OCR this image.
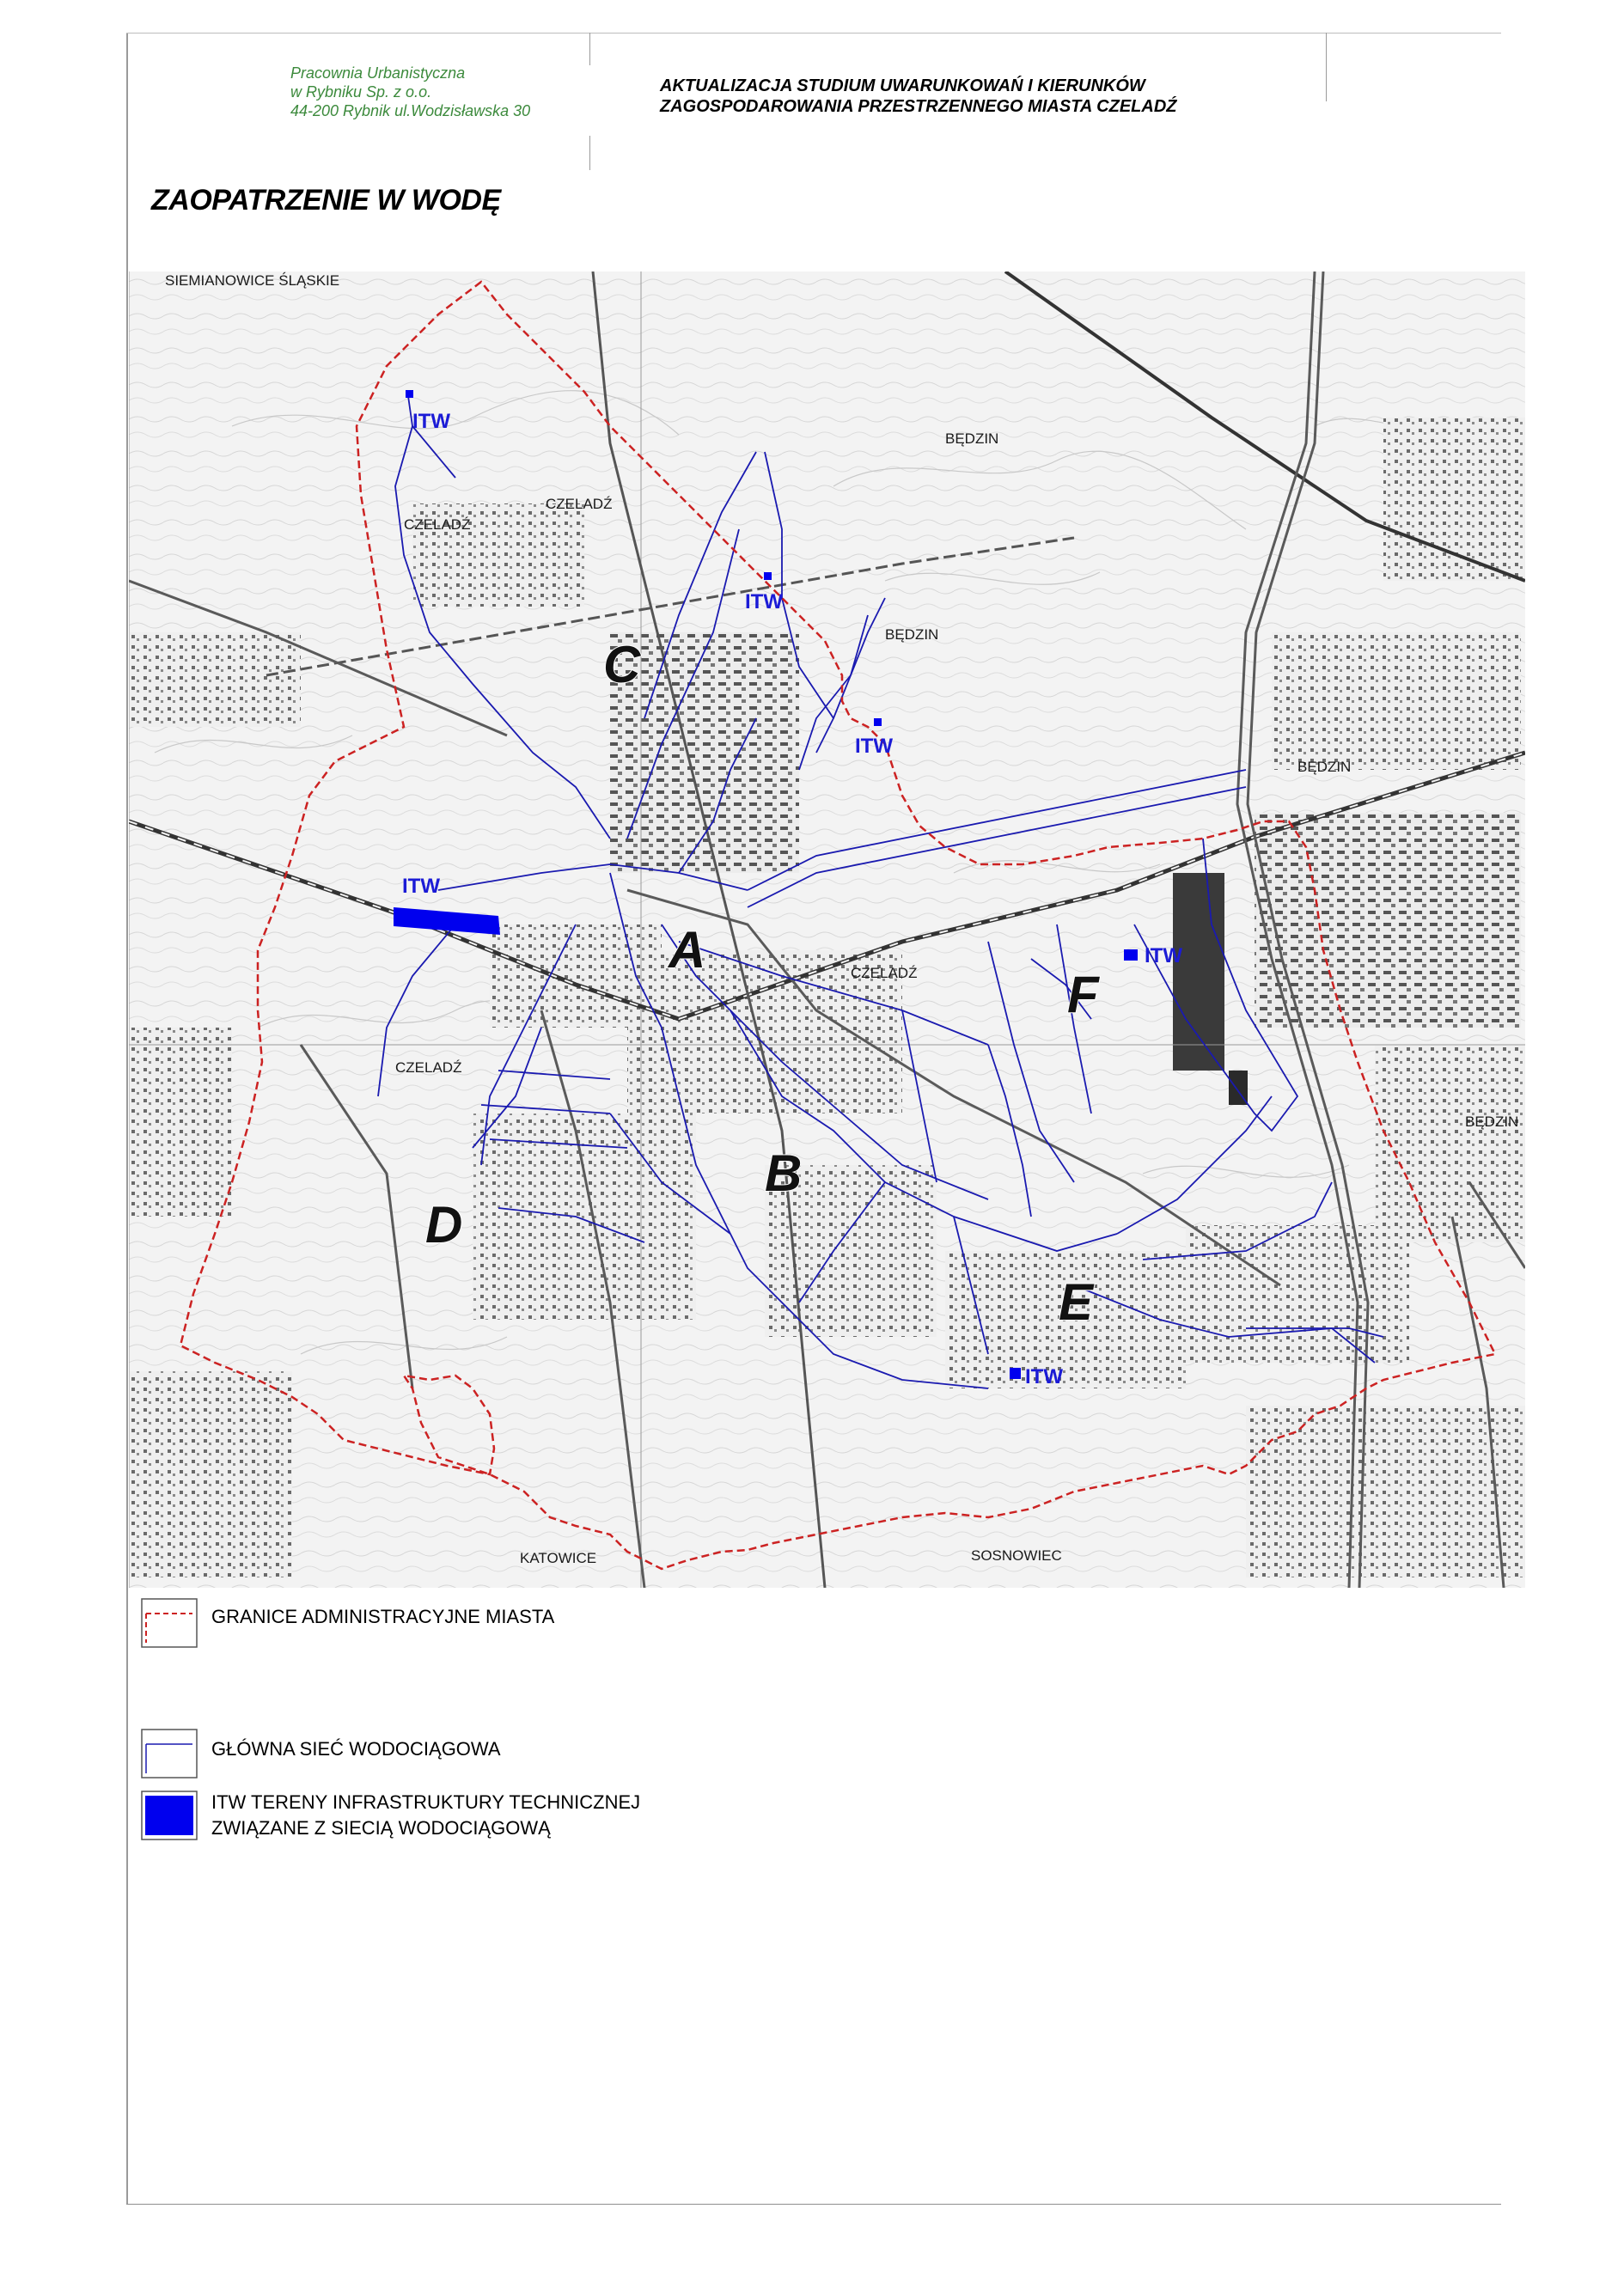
Pracownia Urbanistyczna
w Rybniku Sp. z o.o.
44-200 Rybnik ul.Wodzisławska 30
AKTUALIZACJA STUDIUM UWARUNKOWAŃ I KIERUNKÓW
ZAGOSPODAROWANIA PRZESTRZENNEGO MIASTA CZELADŹ
ZAOPATRZENIE W WODĘ
SIEMIANOWICE ŚLĄSKIE
CZELADŹ
CZELADŹ
BĘDZIN
BĘDZIN
BĘDZIN
BĘDZIN
CZELADŹ
CZELADŹ
KATOWICE	SOSNOWIEC
A
B
C
D
E
F
ITW
ITW
ITW
ITW
ITW
ITW
GRANICE ADMINISTRACYJNE MIASTA
GŁÓWNA SIEĆ WODOCIĄGOWA
ITW TERENY INFRASTRUKTURY TECHNICZNEJ
ZWIĄZANE Z SIECIĄ WODOCIĄGOWĄ
